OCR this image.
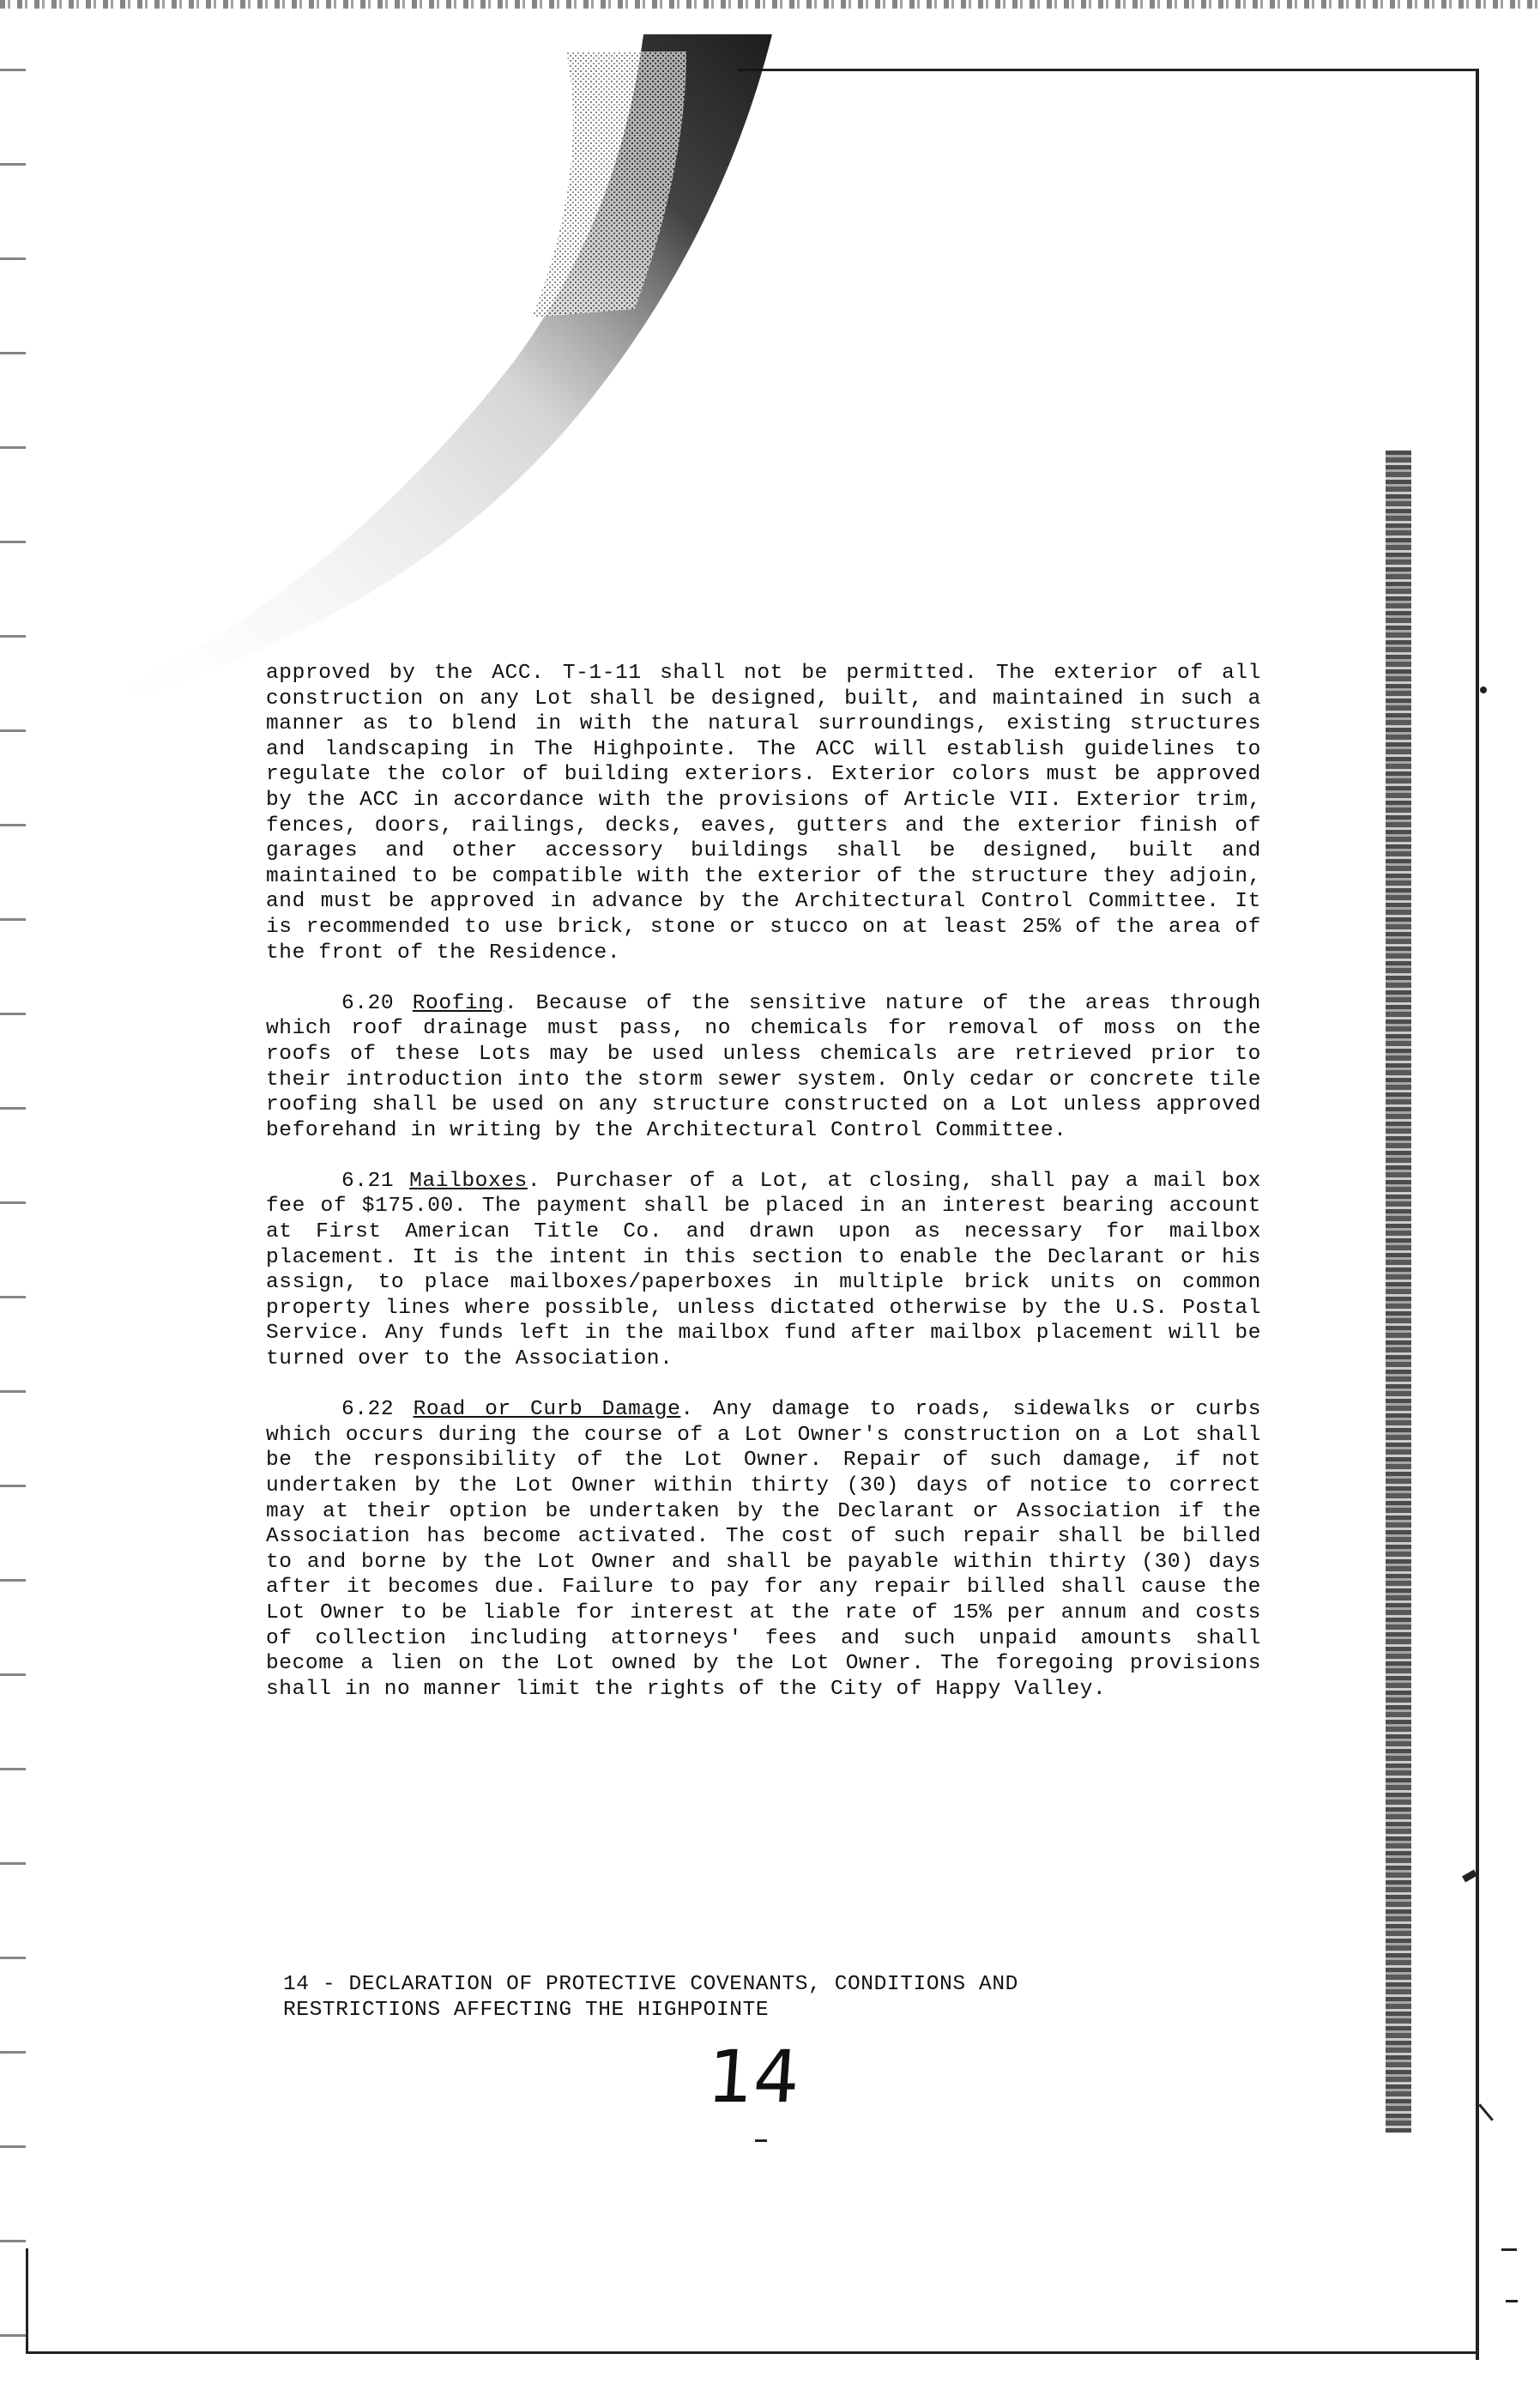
approved by the ACC. T-1-11 shall not be permitted. The exterior of all construction on any Lot shall be designed, built, and maintained in such a manner as to blend in with the natural surroundings, existing structures and landscaping in The Highpointe. The ACC will establish guidelines to regulate the color of building exteriors. Exterior colors must be approved by the ACC in accordance with the provisions of Article VII. Exterior trim, fences, doors, railings, decks, eaves, gutters and the exterior finish of garages and other accessory buildings shall be designed, built and maintained to be compatible with the exterior of the structure they adjoin, and must be approved in advance by the Architectural Control Committee. It is recommended to use brick, stone or stucco on at least 25% of the area of the front of the Residence.

6.20 Roofing. Because of the sensitive nature of the areas through which roof drainage must pass, no chemicals for removal of moss on the roofs of these Lots may be used unless chemicals are retrieved prior to their introduction into the storm sewer system. Only cedar or concrete tile roofing shall be used on any structure constructed on a Lot unless approved beforehand in writing by the Architectural Control Committee.

6.21 Mailboxes. Purchaser of a Lot, at closing, shall pay a mail box fee of $175.00. The payment shall be placed in an interest bearing account at First American Title Co. and drawn upon as necessary for mailbox placement. It is the intent in this section to enable the Declarant or his assign, to place mailboxes/paperboxes in multiple brick units on common property lines where possible, unless dictated otherwise by the U.S. Postal Service. Any funds left in the mailbox fund after mailbox placement will be turned over to the Association.

6.22 Road or Curb Damage. Any damage to roads, sidewalks or curbs which occurs during the course of a Lot Owner's construction on a Lot shall be the responsibility of the Lot Owner. Repair of such damage, if not undertaken by the Lot Owner within thirty (30) days of notice to correct may at their option be undertaken by the Declarant or Association if the Association has become activated. The cost of such repair shall be billed to and borne by the Lot Owner and shall be payable within thirty (30) days after it becomes due. Failure to pay for any repair billed shall cause the Lot Owner to be liable for interest at the rate of 15% per annum and costs of collection including attorneys' fees and such unpaid amounts shall become a lien on the Lot owned by the Lot Owner. The foregoing provisions shall in no manner limit the rights of the City of Happy Valley.

14 - DECLARATION OF PROTECTIVE COVENANTS, CONDITIONS AND
RESTRICTIONS AFFECTING THE HIGHPOINTE
14
